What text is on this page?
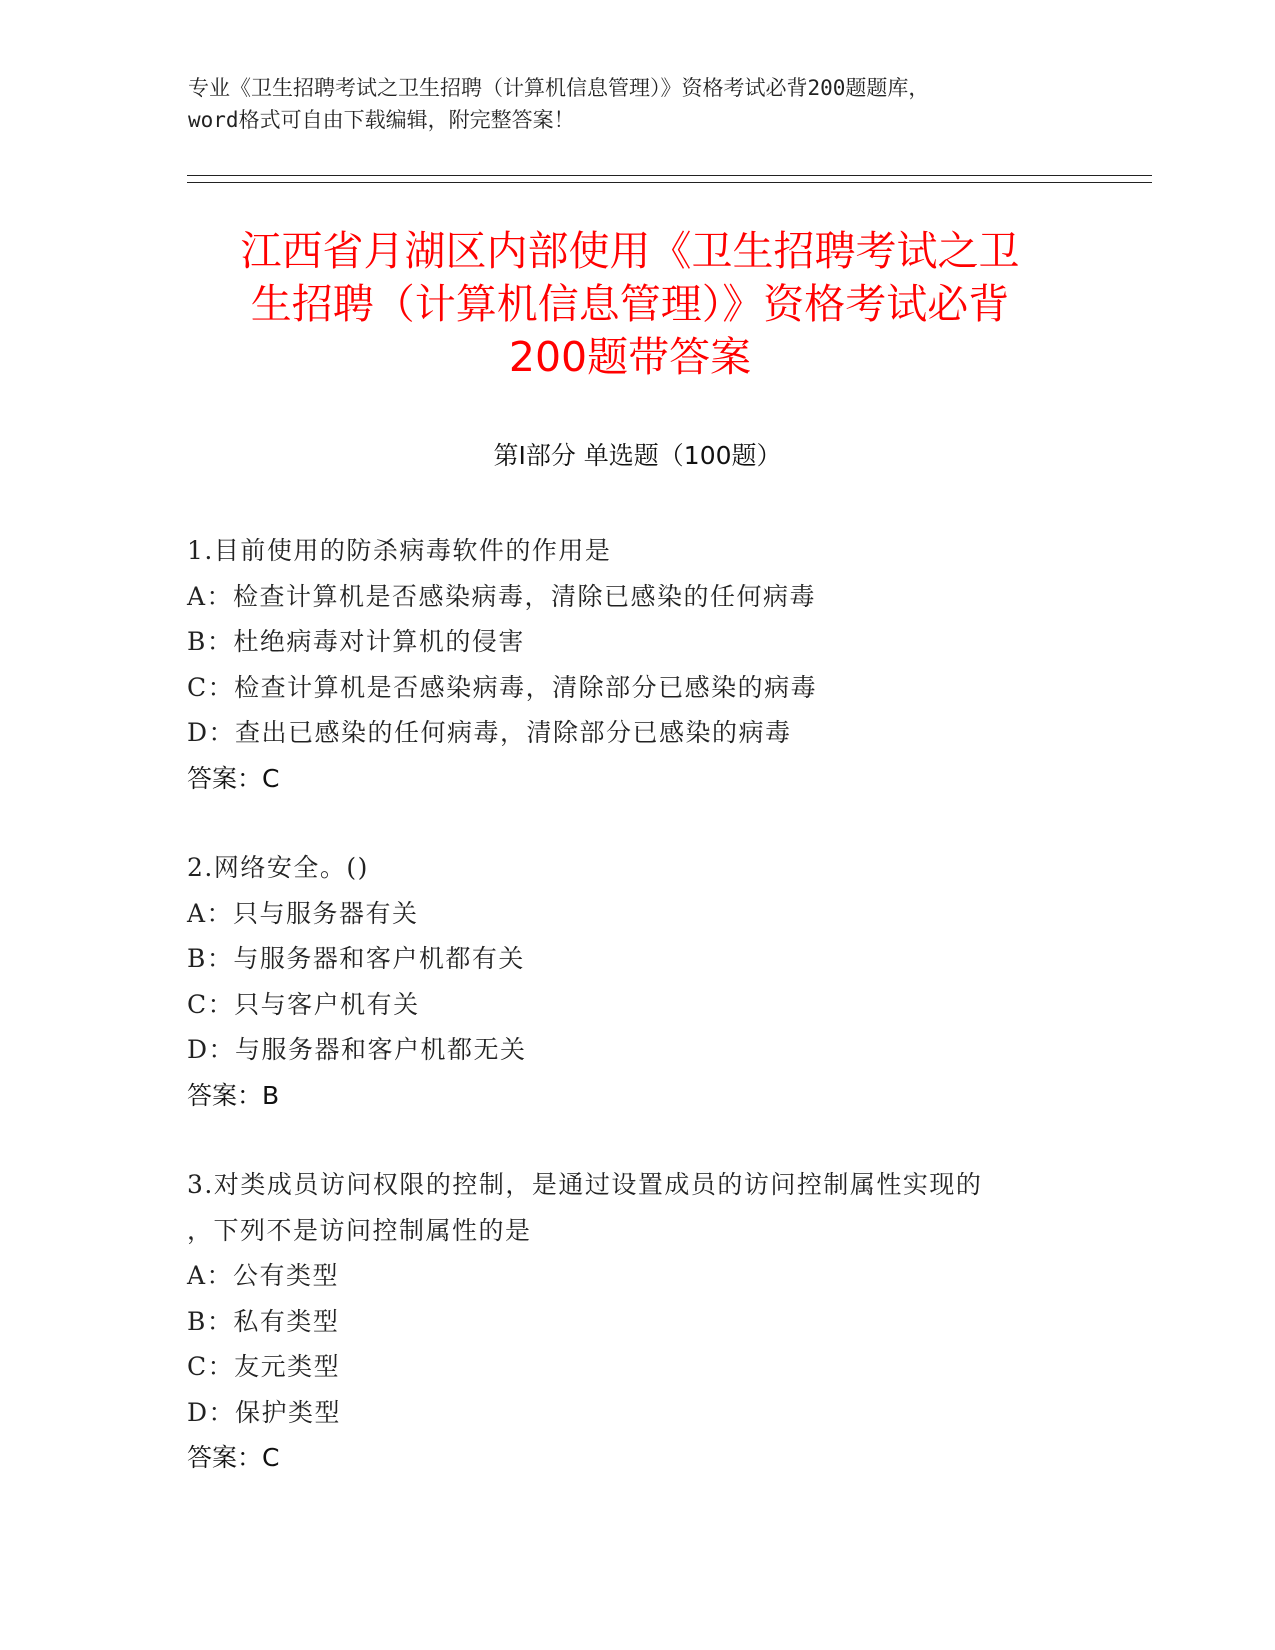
专业《卫生招聘考试之卫生招聘（计算机信息管理）》资格考试必背200题题库，
word格式可自由下载编辑，附完整答案！
江西省月湖区内部使用《卫生招聘考试之卫
生招聘（计算机信息管理）》资格考试必背
200题带答案
第Ⅰ部分 单选题（100题）
1.目前使用的防杀病毒软件的作用是
A：检查计算机是否感染病毒，清除已感染的任何病毒
B：杜绝病毒对计算机的侵害
C：检查计算机是否感染病毒，清除部分已感染的病毒
D：查出已感染的任何病毒，清除部分已感染的病毒
答案：C
2.网络安全。()
A：只与服务器有关
B：与服务器和客户机都有关
C：只与客户机有关
D：与服务器和客户机都无关
答案：B
3.对类成员访问权限的控制，是通过设置成员的访问控制属性实现的
，下列不是访问控制属性的是
A：公有类型
B：私有类型
C：友元类型
D：保护类型
答案：C
